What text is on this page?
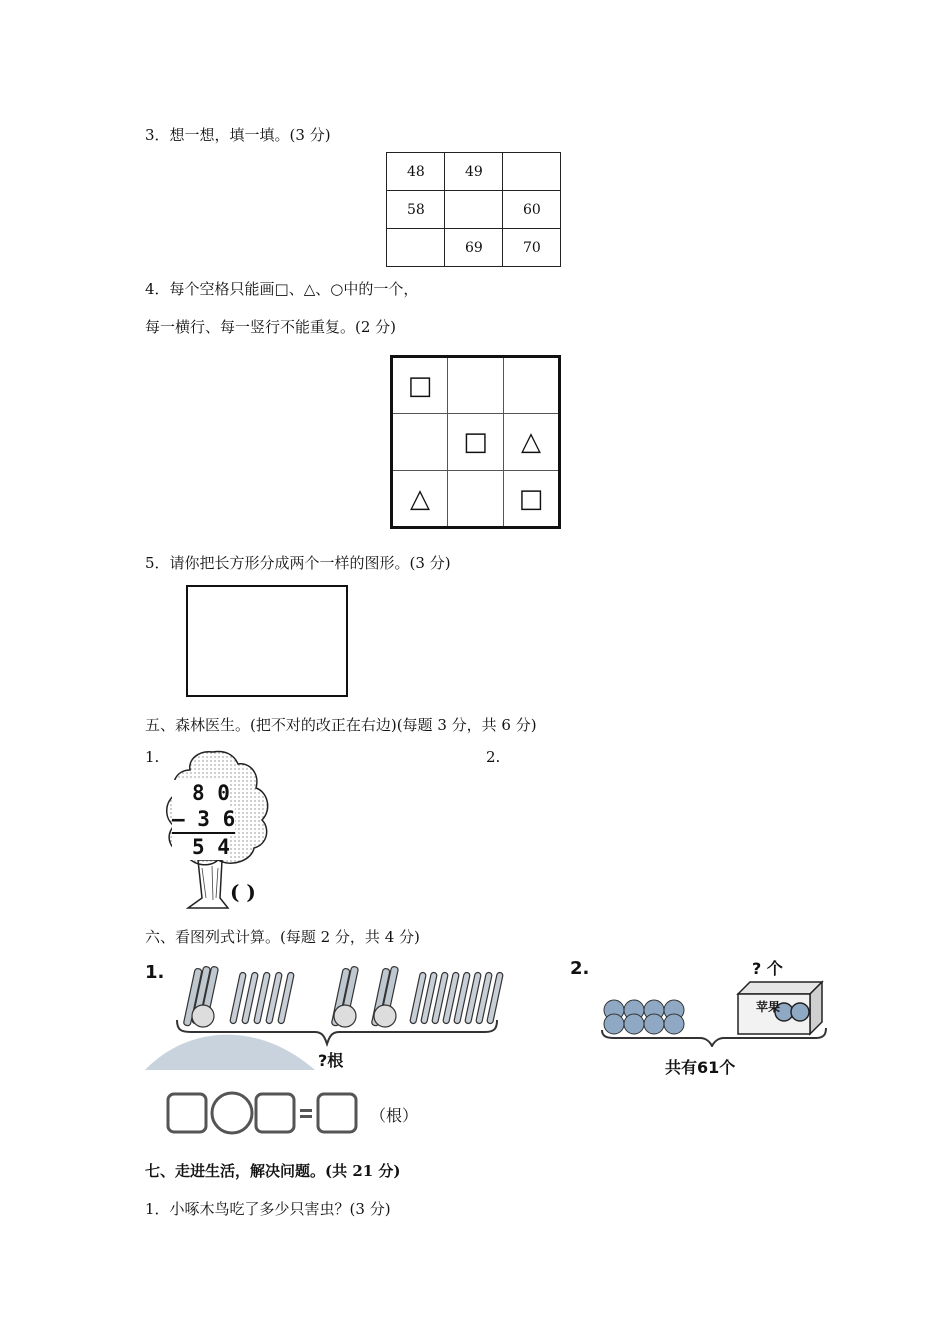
3．想一想，填一填。(3 分)
48	49	
58		60
	69	70
4．每个空格只能画□、△、○中的一个，
每一横行、每一竖行不能重复。(2 分)
□		
	□	△
△		□
5．请你把长方形分成两个一样的图形。(3 分)
五、森林医生。(把不对的改正在右边)(每题 3 分，共 6 分)
1.	2.
8 0
– 3 6
5 4
( )
六、看图列式计算。(每题 2 分，共 4 分)
1.
?根
（根）
2.	? 个
苹果
共有61个
七、走进生活，解决问题。(共 21 分)
1．小啄木鸟吃了多少只害虫？(3 分)
